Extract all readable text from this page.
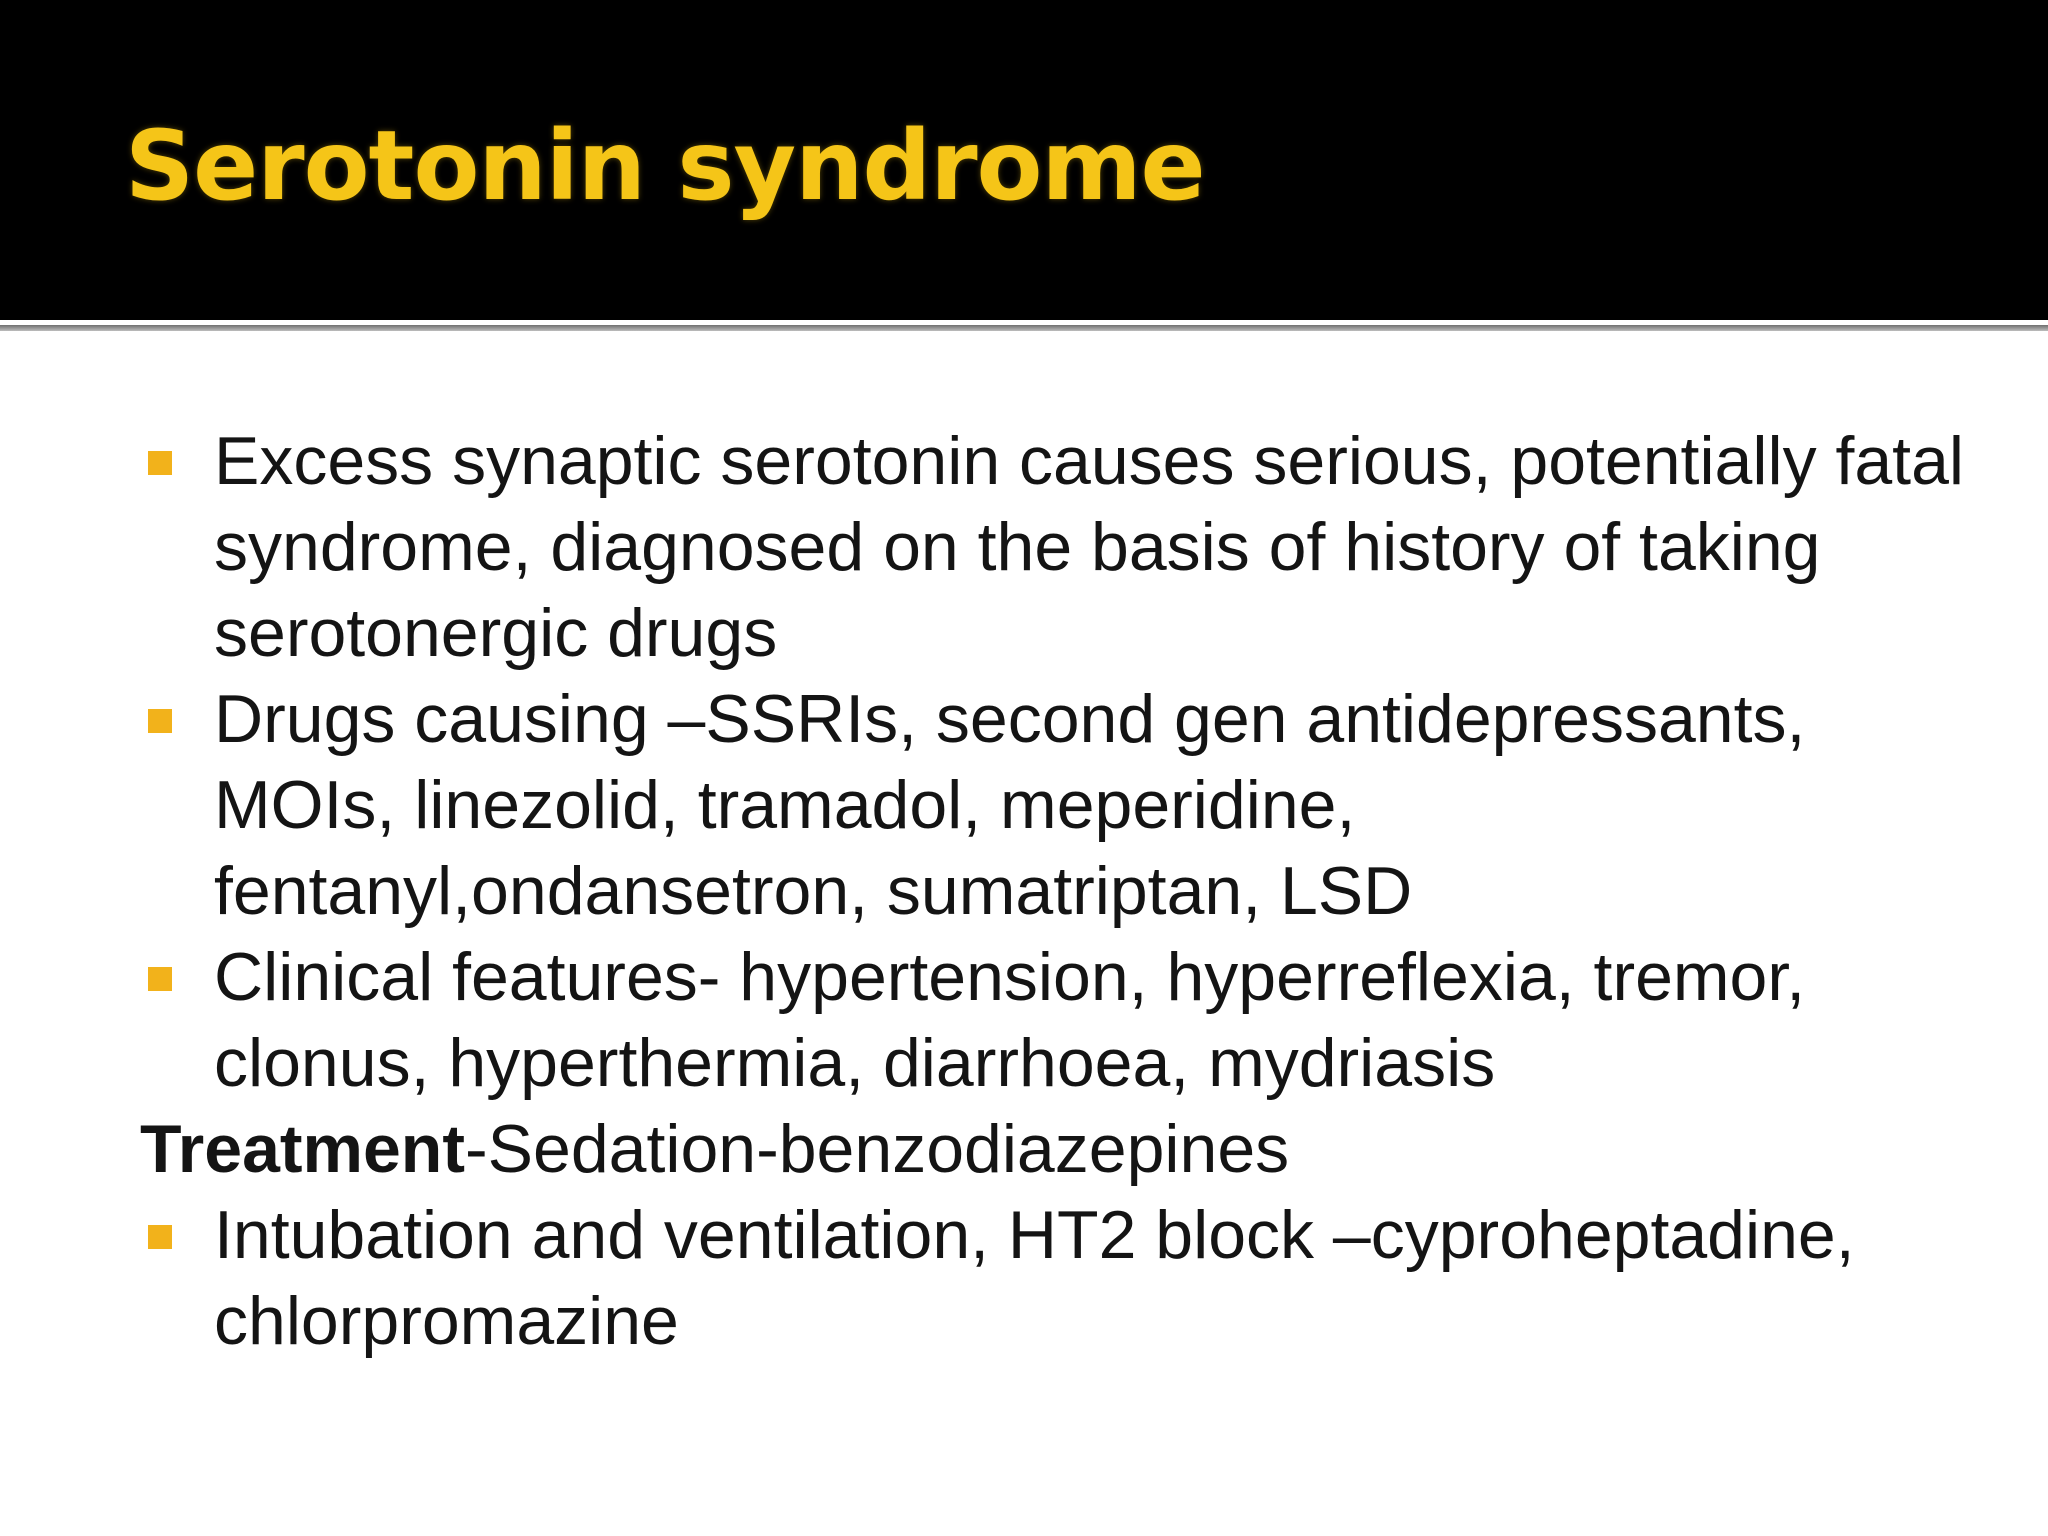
Serotonin syndrome
Excess synaptic serotonin causes serious, potentially fatal syndrome, diagnosed on the basis of history of taking serotonergic drugs
Drugs causing –SSRIs, second gen antidepressants, MOIs, linezolid, tramadol, meperidine, fentanyl,ondansetron, sumatriptan, LSD
Clinical features- hypertension, hyperreflexia, tremor, clonus, hyperthermia, diarrhoea, mydriasis
Treatment-Sedation-benzodiazepines
Intubation and ventilation, HT2 block –cyproheptadine, chlorpromazine
